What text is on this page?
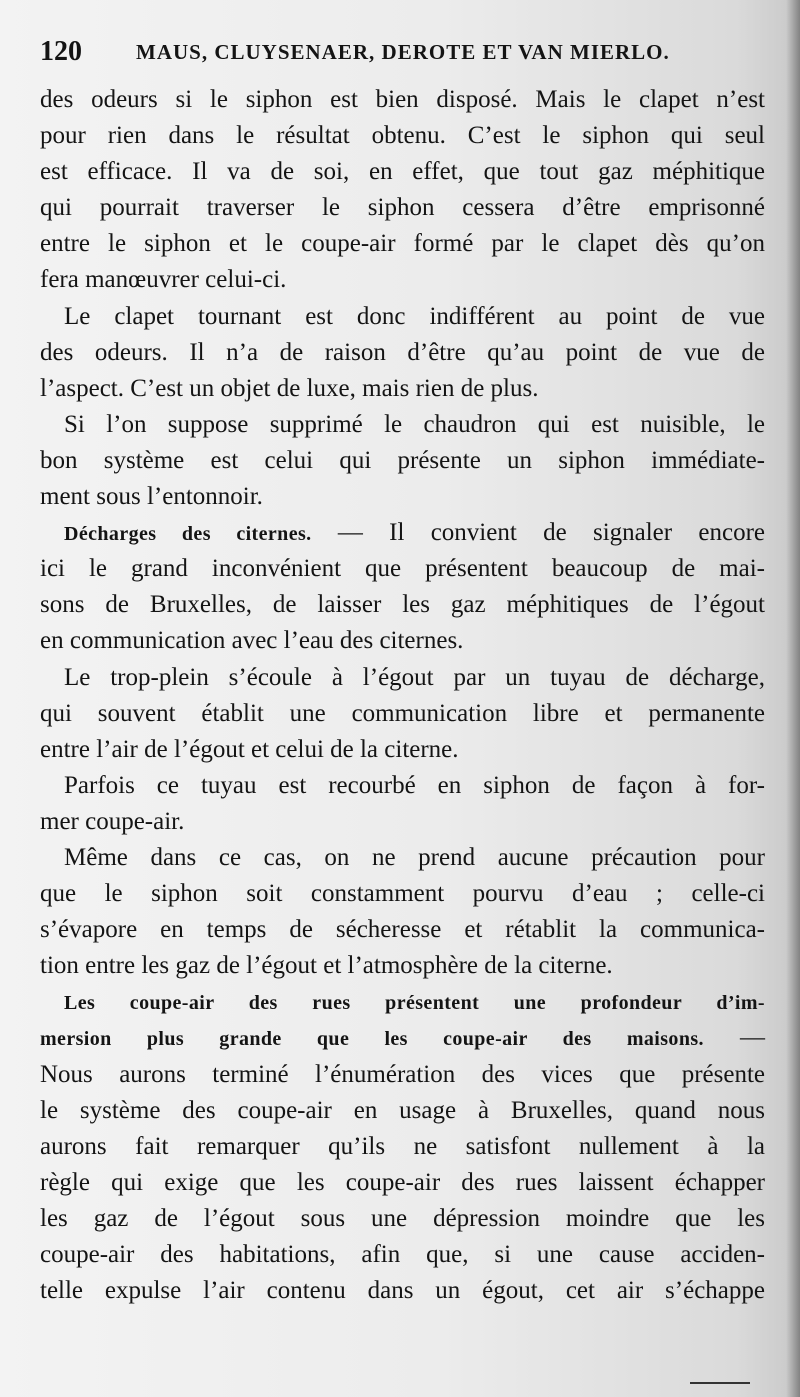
120	MAUS, CLUYSENAER, DEROTE ET VAN MIERLO.
des odeurs si le siphon est bien disposé. Mais le clapet n’est
pour rien dans le résultat obtenu. C’est le siphon qui seul
est efficace. Il va de soi, en effet, que tout gaz méphitique
qui pourrait traverser le siphon cessera d’être emprisonné
entre le siphon et le coupe-air formé par le clapet dès qu’on
fera manœuvrer celui-ci.
Le clapet tournant est donc indifférent au point de vue
des odeurs. Il n’a de raison d’être qu’au point de vue de
l’aspect. C’est un objet de luxe, mais rien de plus.
Si l’on suppose supprimé le chaudron qui est nuisible, le
bon système est celui qui présente un siphon immédiate-
ment sous l’entonnoir.
Décharges des citernes. — Il convient de signaler encore
ici le grand inconvénient que présentent beaucoup de mai-
sons de Bruxelles, de laisser les gaz méphitiques de l’égout
en communication avec l’eau des citernes.
Le trop-plein s’écoule à l’égout par un tuyau de décharge,
qui souvent établit une communication libre et permanente
entre l’air de l’égout et celui de la citerne.
Parfois ce tuyau est recourbé en siphon de façon à for-
mer coupe-air.
Même dans ce cas, on ne prend aucune précaution pour
que le siphon soit constamment pourvu d’eau ; celle-ci
s’évapore en temps de sécheresse et rétablit la communica-
tion entre les gaz de l’égout et l’atmosphère de la citerne.
Les coupe-air des rues présentent une profondeur d’im-
mersion plus grande que les coupe-air des maisons. —
Nous aurons terminé l’énumération des vices que présente
le système des coupe-air en usage à Bruxelles, quand nous
aurons fait remarquer qu’ils ne satisfont nullement à la
règle qui exige que les coupe-air des rues laissent échapper
les gaz de l’égout sous une dépression moindre que les
coupe-air des habitations, afin que, si une cause acciden-
telle expulse l’air contenu dans un égout, cet air s’échappe
